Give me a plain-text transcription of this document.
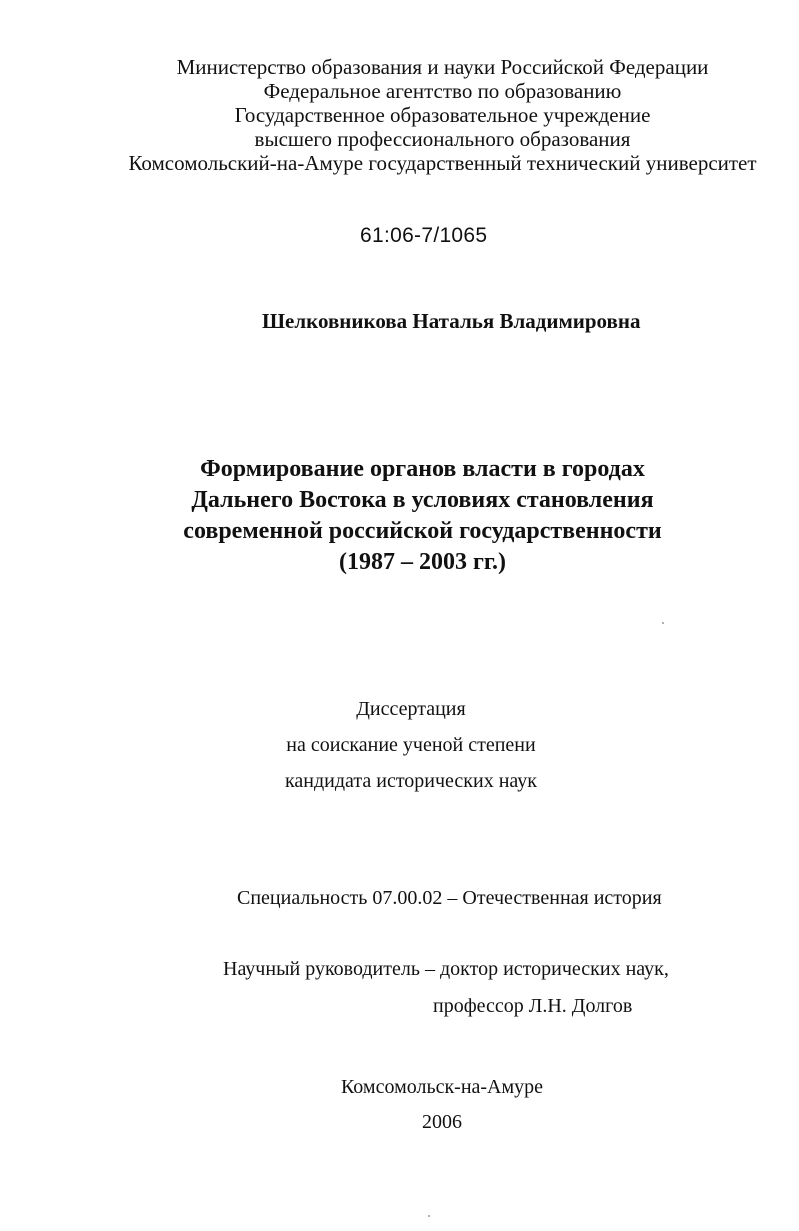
Министерство образования и науки Российской Федерации
Федеральное агентство по образованию
Государственное образовательное учреждение
высшего профессионального образования
Комсомольский-на-Амуре государственный технический университет
61:06-7/1065
Шелковникова Наталья Владимировна
Формирование органов власти в городах
Дальнего Востока в условиях становления
современной российской государственности
(1987 – 2003 гг.)
Диссертация
на соискание ученой степени
кандидата исторических наук
Специальность 07.00.02 – Отечественная история
Научный руководитель – доктор исторических наук,
профессор Л.Н. Долгов
Комсомольск-на-Амуре
2006
